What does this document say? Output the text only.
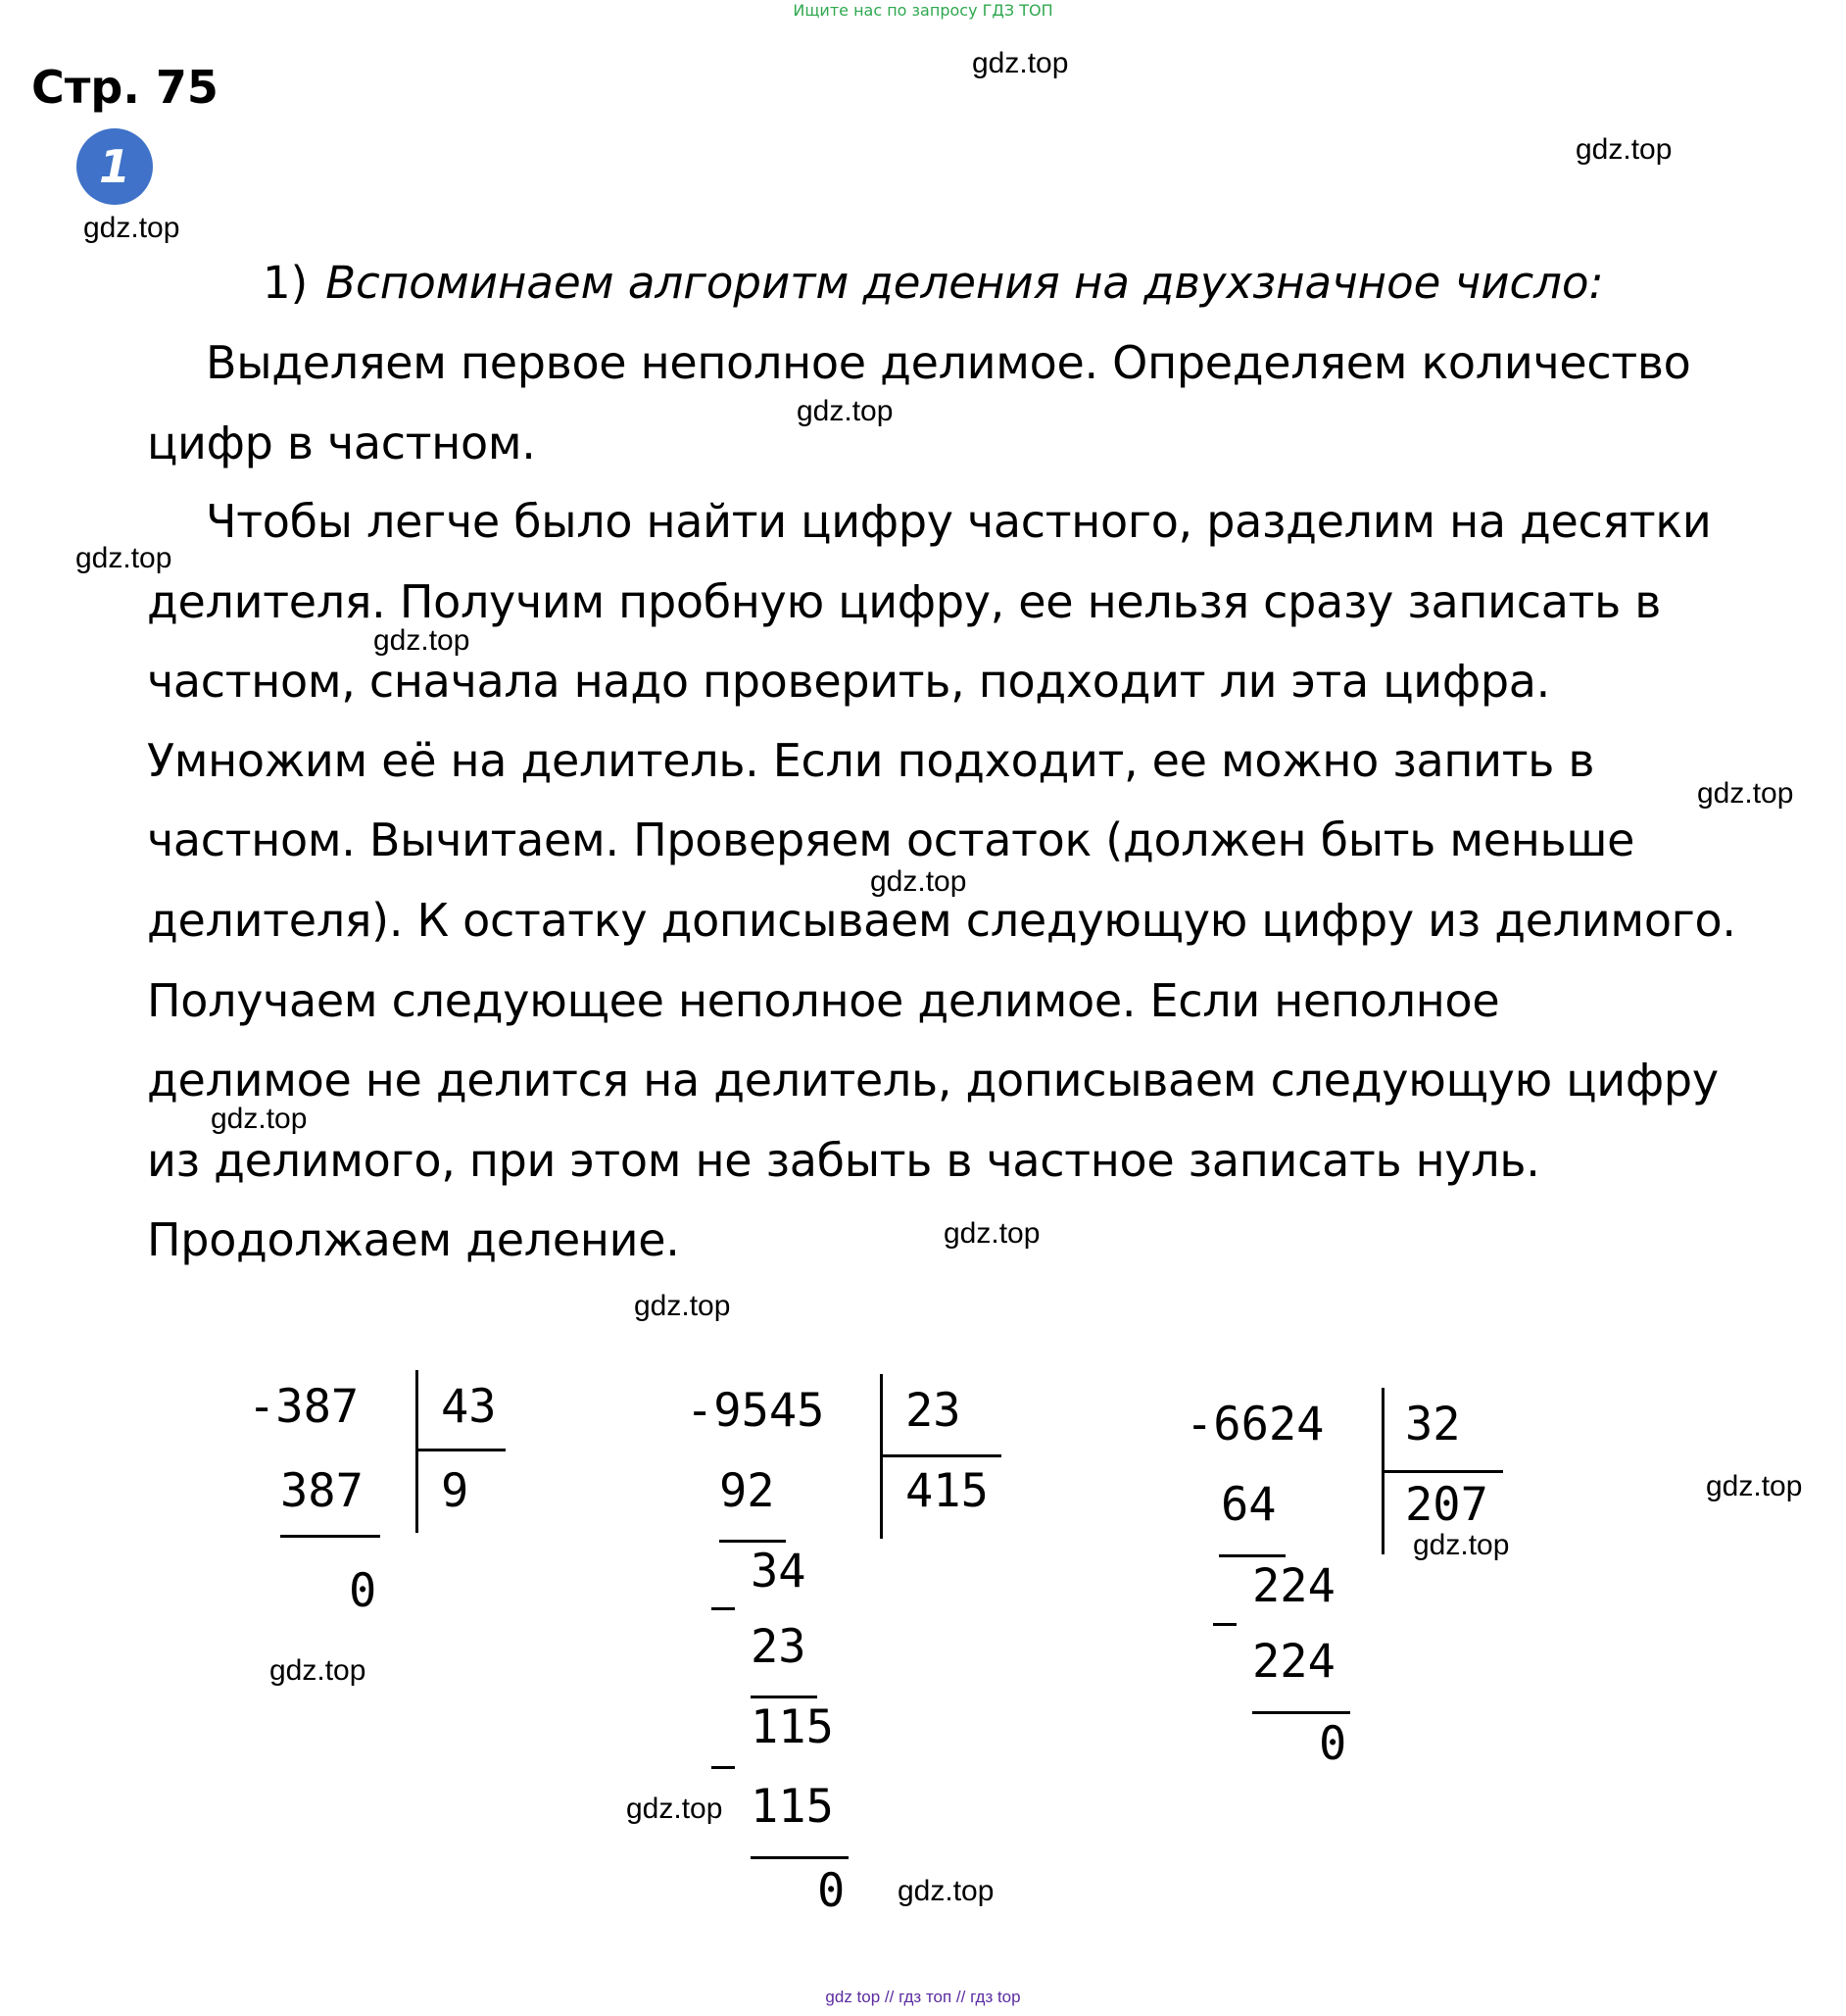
Ищите нас по запросу ГДЗ ТОП
Стр. 75
1
gdz.top
gdz.top
gdz.top
gdz.top
gdz.top
gdz.top
gdz.top
gdz.top
gdz.top
gdz.top
gdz.top
gdz.top
gdz.top
gdz.top
gdz.top
gdz.top
1) Вспоминаем алгоритм деления на двухзначное число:
Выделяем первое неполное делимое. Определяем количество
цифр в частном.
Чтобы легче было найти цифру частного, разделим на десятки
делителя. Получим пробную цифру, ее нельзя сразу записать в
частном, сначала надо проверить, подходит ли эта цифра.
Умножим её на делитель. Если подходит, ее можно запить в
частном. Вычитаем. Проверяем остаток (должен быть меньше
делителя). К остатку дописываем следующую цифру из делимого.
Получаем следующее неполное делимое. Если неполное
делимое не делится на делитель, дописываем следующую цифру
из делимого, при этом не забыть в частное записать нуль.
Продолжаем деление.
-387 43
9
387
0
-9545 23
415
92
34
23
115
115
0
-6624 32
207
64
224
224
0
gdz top // гдз топ // гдз top
